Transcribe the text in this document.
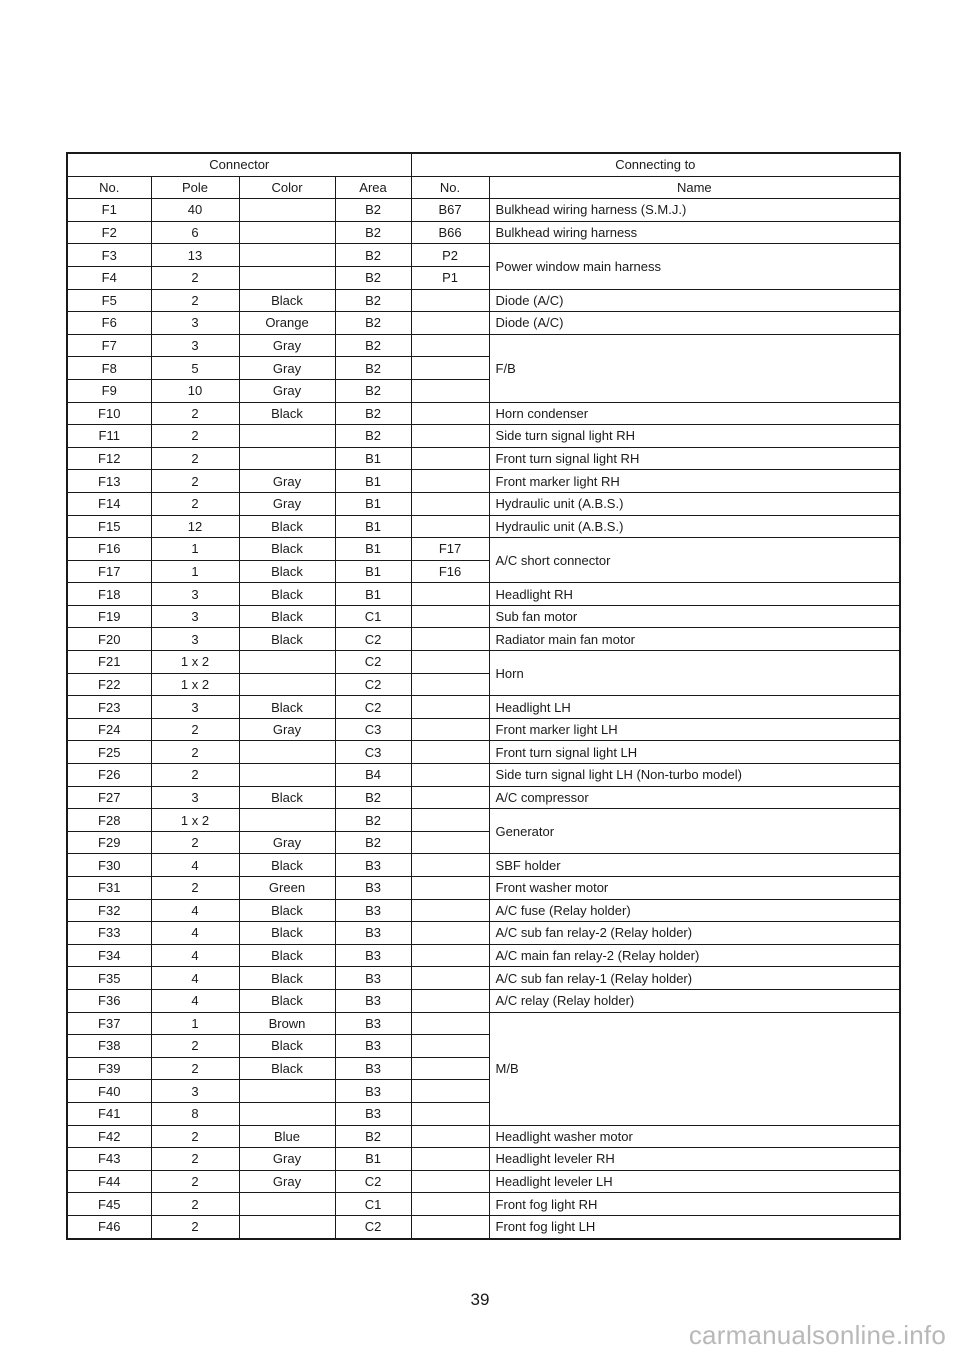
Connector				Connecting to	
No.	Pole	Color	Area	No.	Name
F1	40		B2	B67	Bulkhead wiring harness (S.M.J.)
F2	6		B2	B66	Bulkhead wiring harness
F3	13		B2	P2	Power window main harness
F4	2		B2	P1	
F5	2	Black	B2		Diode (A/C)
F6	3	Orange	B2		Diode (A/C)
F7	3	Gray	B2		F/B
F8	5	Gray	B2		
F9	10	Gray	B2		
F10	2	Black	B2		Horn condenser
F11	2		B2		Side turn signal light RH
F12	2		B1		Front turn signal light RH
F13	2	Gray	B1		Front marker light RH
F14	2	Gray	B1		Hydraulic unit (A.B.S.)
F15	12	Black	B1		Hydraulic unit (A.B.S.)
F16	1	Black	B1	F17	A/C short connector
F17	1	Black	B1	F16	
F18	3	Black	B1		Headlight RH
F19	3	Black	C1		Sub fan motor
F20	3	Black	C2		Radiator main fan motor
F21	1 x 2		C2		Horn
F22	1 x 2		C2		
F23	3	Black	C2		Headlight LH
F24	2	Gray	C3		Front marker light LH
F25	2		C3		Front turn signal light LH
F26	2		B4		Side turn signal light LH (Non-turbo model)
F27	3	Black	B2		A/C compressor
F28	1 x 2		B2		Generator
F29	2	Gray	B2		
F30	4	Black	B3		SBF holder
F31	2	Green	B3		Front washer motor
F32	4	Black	B3		A/C fuse (Relay holder)
F33	4	Black	B3		A/C sub fan relay-2 (Relay holder)
F34	4	Black	B3		A/C main fan relay-2 (Relay holder)
F35	4	Black	B3		A/C sub fan relay-1 (Relay holder)
F36	4	Black	B3		A/C relay (Relay holder)
F37	1	Brown	B3		M/B
F38	2	Black	B3		
F39	2	Black	B3		
F40	3		B3		
F41	8		B3		
F42	2	Blue	B2		Headlight washer motor
F43	2	Gray	B1		Headlight leveler RH
F44	2	Gray	C2		Headlight leveler LH
F45	2		C1		Front fog light RH
F46	2		C2		Front fog light LH
39
carmanualsonline.info
